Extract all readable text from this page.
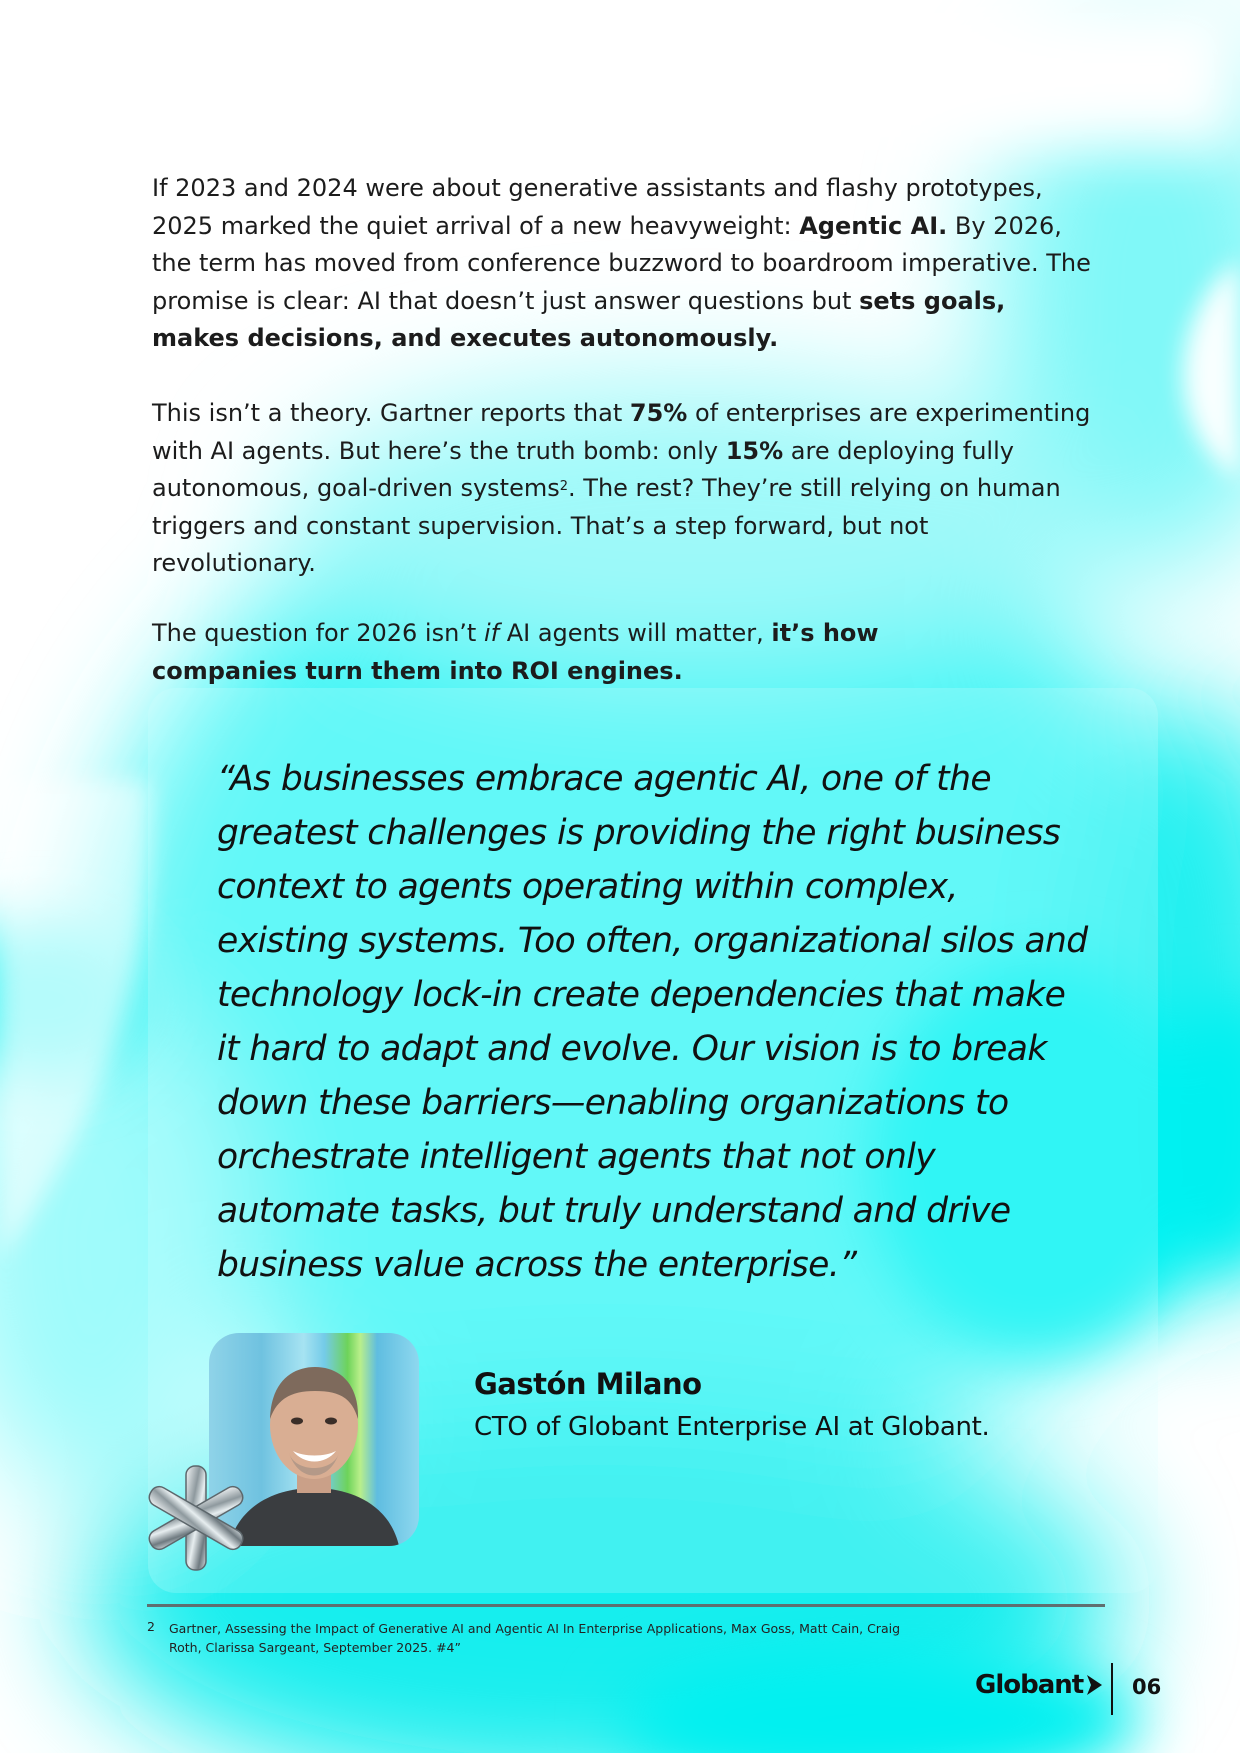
If 2023 and 2024 were about generative assistants and flashy prototypes, 2025 marked the quiet arrival of a new heavyweight: Agentic AI. By 2026, the term has moved from conference buzzword to boardroom imperative. The promise is clear: AI that doesn’t just answer questions but sets goals, makes decisions, and executes autonomously.

This isn’t a theory. Gartner reports that 75% of enterprises are experimenting with AI agents. But here’s the truth bomb: only 15% are deploying fully autonomous, goal-driven systems$^2$. The rest? They’re still relying on human triggers and constant supervision. That’s a step forward, but not revolutionary.

The question for 2026 isn’t if AI agents will matter, it’s how companies turn them into ROI engines.

“As businesses embrace agentic AI, one of the greatest challenges is providing the right business context to agents operating within complex, existing systems. Too often, organizational silos and technology lock-in create dependencies that make it hard to adapt and evolve. Our vision is to break down these barriers—enabling organizations to orchestrate intelligent agents that not only automate tasks, but truly understand and drive business value across the enterprise.”

Gastón Milano
CTO of Globant Enterprise AI at Globant.
2 Gartner, Assessing the Impact of Generative AI and Agentic AI In Enterprise Applications, Max Goss, Matt Cain, Craig Roth, Clarissa Sargeant, September 2025. #4”
Globant 06
